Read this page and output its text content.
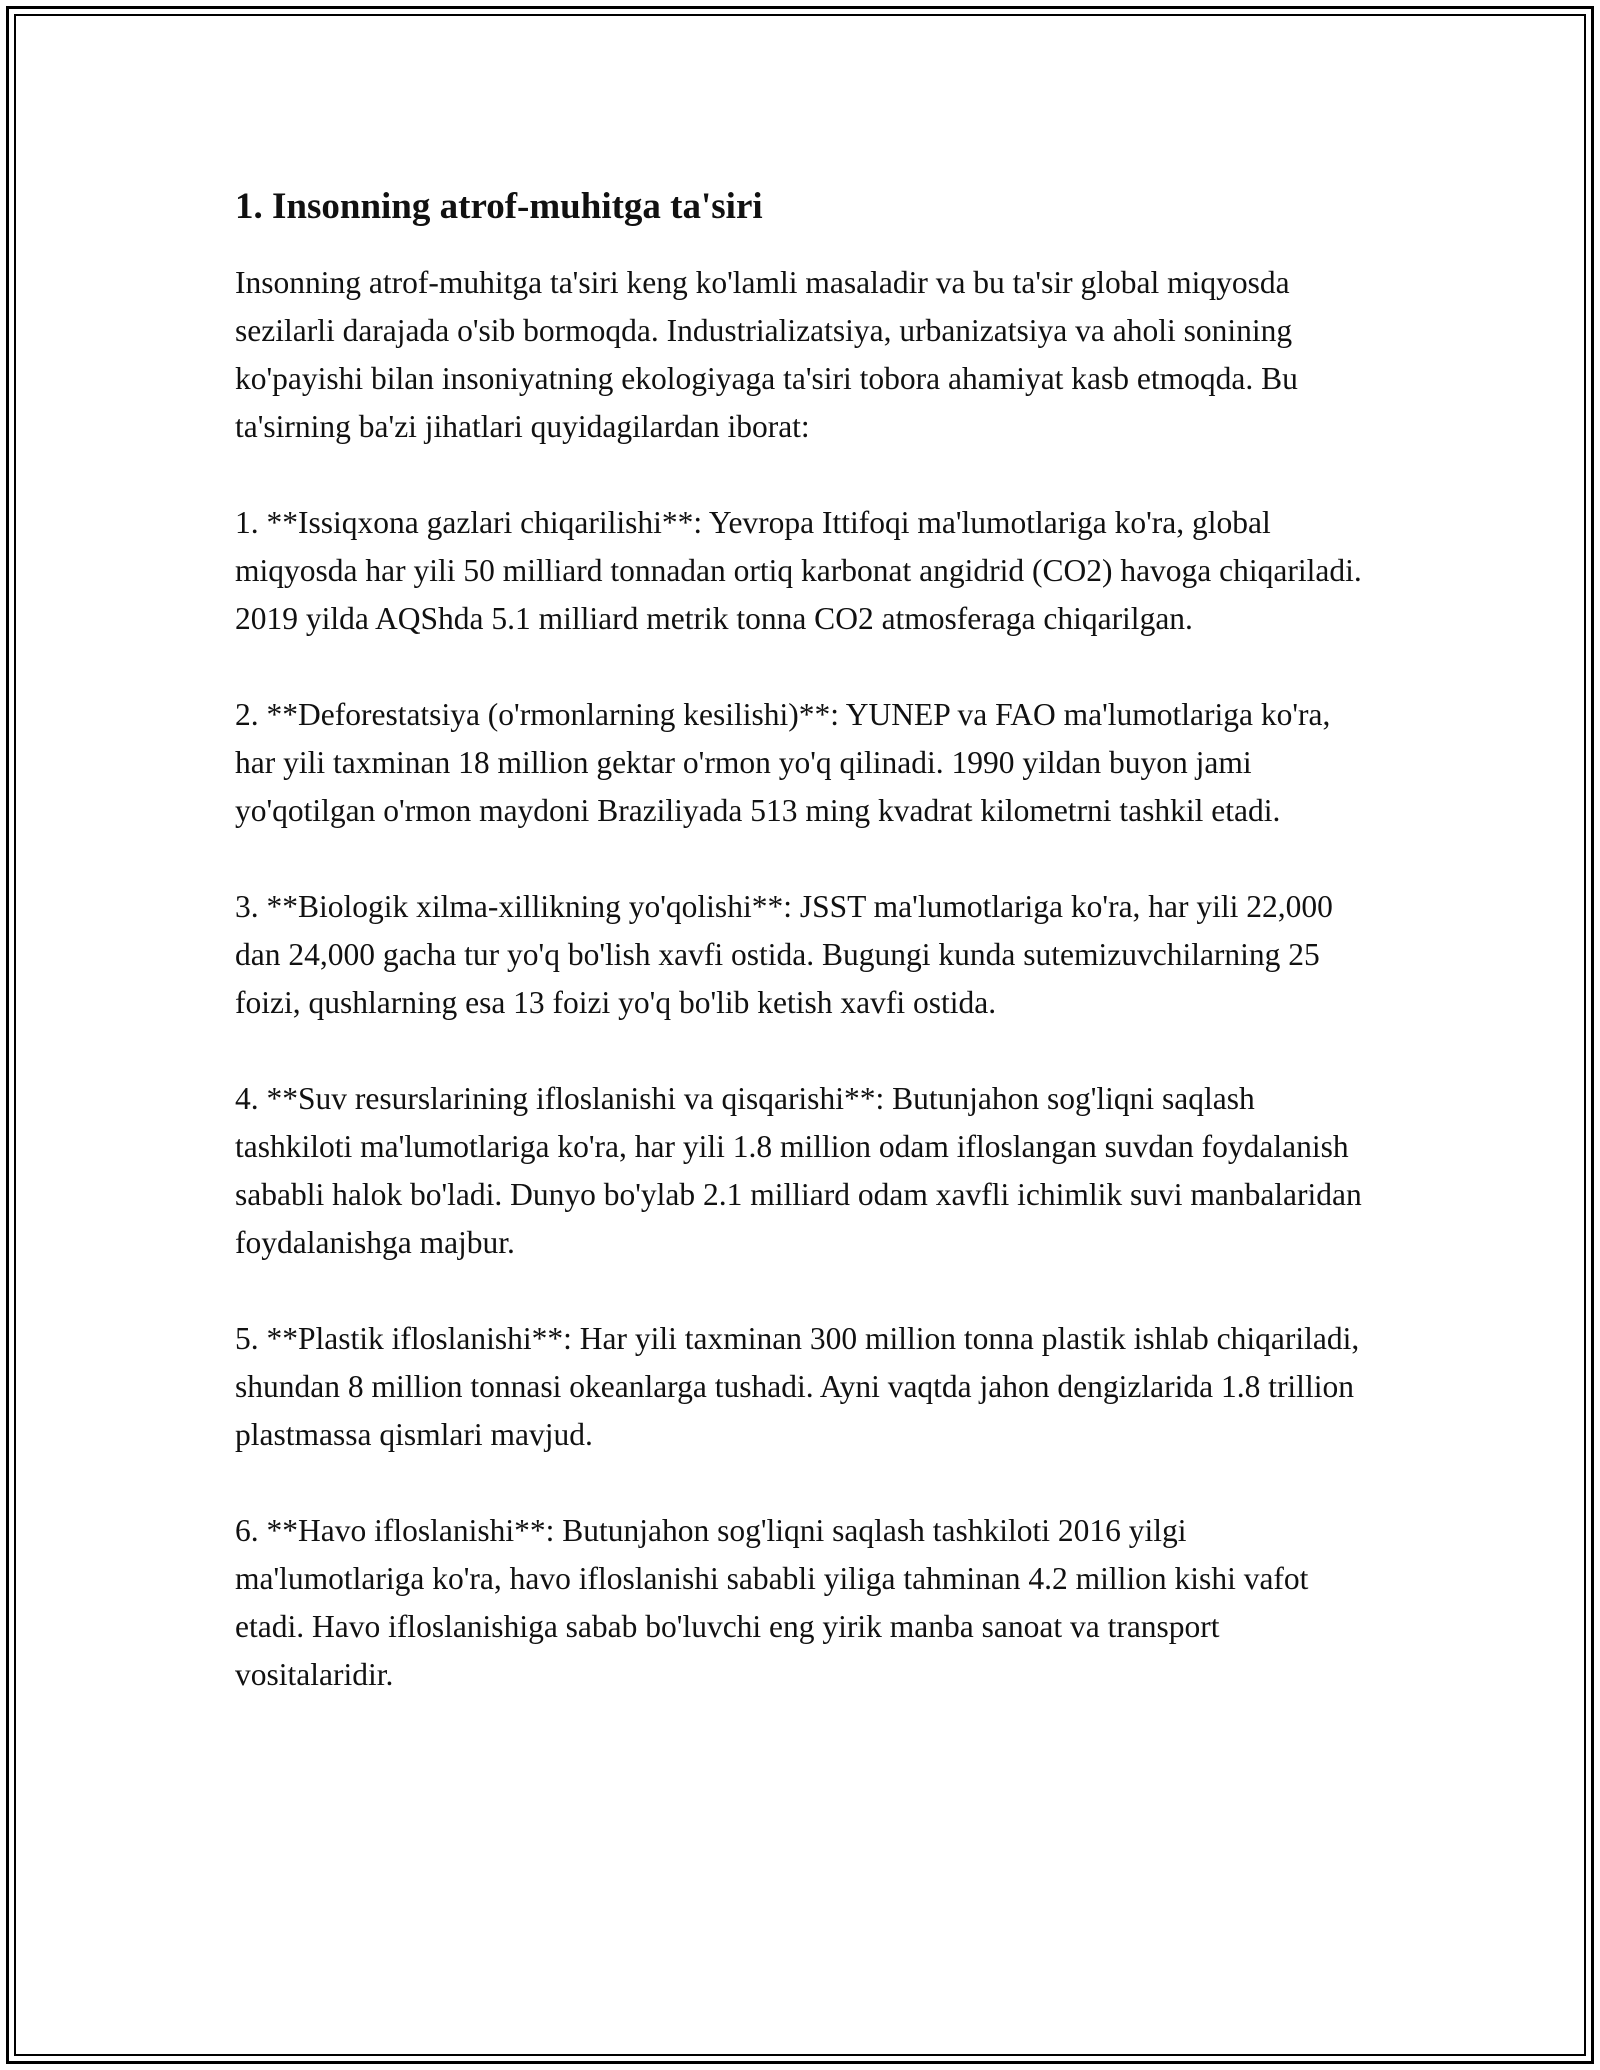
1. Insonning atrof-muhitga ta'siri

Insonning atrof-muhitga ta'siri keng ko'lamli masaladir va bu ta'sir global miqyosda sezilarli darajada o'sib bormoqda. Industrializatsiya, urbanizatsiya va aholi sonining ko'payishi bilan insoniyatning ekologiyaga ta'siri tobora ahamiyat kasb etmoqda. Bu ta'sirning ba'zi jihatlari quyidagilardan iborat:

1. **Issiqxona gazlari chiqarilishi**: Yevropa Ittifoqi ma'lumotlariga ko'ra, global miqyosda har yili 50 milliard tonnadan ortiq karbonat angidrid (CO2) havoga chiqariladi. 2019 yilda AQShda 5.1 milliard metrik tonna CO2 atmosferaga chiqarilgan.

2. **Deforestatsiya (o'rmonlarning kesilishi)**: YUNEP va FAO ma'lumotlariga ko'ra, har yili taxminan 18 million gektar o'rmon yo'q qilinadi. 1990 yildan buyon jami yo'qotilgan o'rmon maydoni Braziliyada 513 ming kvadrat kilometrni tashkil etadi.

3. **Biologik xilma-xillikning yo'qolishi**: JSST ma'lumotlariga ko'ra, har yili 22,000 dan 24,000 gacha tur yo'q bo'lish xavfi ostida. Bugungi kunda sutemizuvchilarning 25 foizi, qushlarning esa 13 foizi yo'q bo'lib ketish xavfi ostida.

4. **Suv resurslarining ifloslanishi va qisqarishi**: Butunjahon sog'liqni saqlash tashkiloti ma'lumotlariga ko'ra, har yili 1.8 million odam ifloslangan suvdan foydalanish sababli halok bo'ladi. Dunyo bo'ylab 2.1 milliard odam xavfli ichimlik suvi manbalaridan foydalanishga majbur.

5. **Plastik ifloslanishi**: Har yili taxminan 300 million tonna plastik ishlab chiqariladi, shundan 8 million tonnasi okeanlarga tushadi. Ayni vaqtda jahon dengizlarida 1.8 trillion plastmassa qismlari mavjud.

6. **Havo ifloslanishi**: Butunjahon sog'liqni saqlash tashkiloti 2016 yilgi ma'lumotlariga ko'ra, havo ifloslanishi sababli yiliga tahminan 4.2 million kishi vafot etadi. Havo ifloslanishiga sabab bo'luvchi eng yirik manba sanoat va transport vositalaridir.
